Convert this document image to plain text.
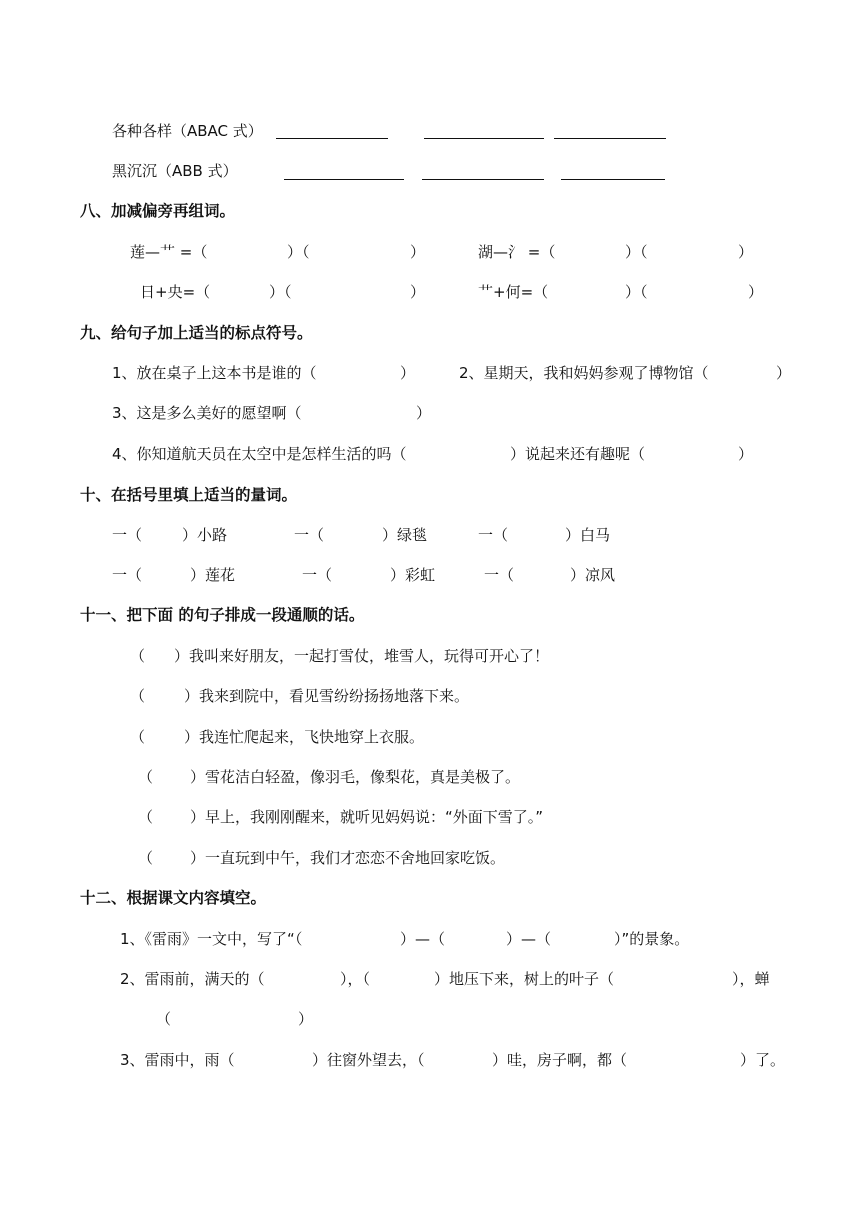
各种各样（ABAC 式）
黑沉沉（ABB 式）
八、加减偏旁再组词。
莲—艹 =（	）（	）	湖—氵 =（	）（	）
日+央=（	）（	）	艹+何=（	）（	）
九、给句子加上适当的标点符号。
1、放在桌子上这本书是谁的（	）	2、星期天，我和妈妈参观了博物馆（	）
3、这是多么美好的愿望啊（	）
4、你知道航天员在太空中是怎样生活的吗（	）说起来还有趣呢（	）
十、在括号里填上适当的量词。
一（	）小路	一（	）绿毯	一（	）白马
一（	）莲花	一（	）彩虹	一（	）凉风
十一、把下面 的句子排成一段通顺的话。
（ ）我叫来好朋友，一起打雪仗，堆雪人，玩得可开心了！
（	）我来到院中，看见雪纷纷扬扬地落下来。
（	）我连忙爬起来，飞快地穿上衣服。
（ ）雪花洁白轻盈，像羽毛，像梨花，真是美极了。
（ ）早上，我刚刚醒来，就听见妈妈说：“外面下雪了。”
（ ）一直玩到中午，我们才恋恋不舍地回家吃饭。
十二、根据课文内容填空。
1、《雷雨》一文中，写了“（	）—（	）—（	）”的景象。
2、雷雨前，满天的（	），（	）地压下来，树上的叶子（	），蝉
（	）
3、雷雨中，雨（	）往窗外望去，（	）哇，房子啊，都（	）了。
